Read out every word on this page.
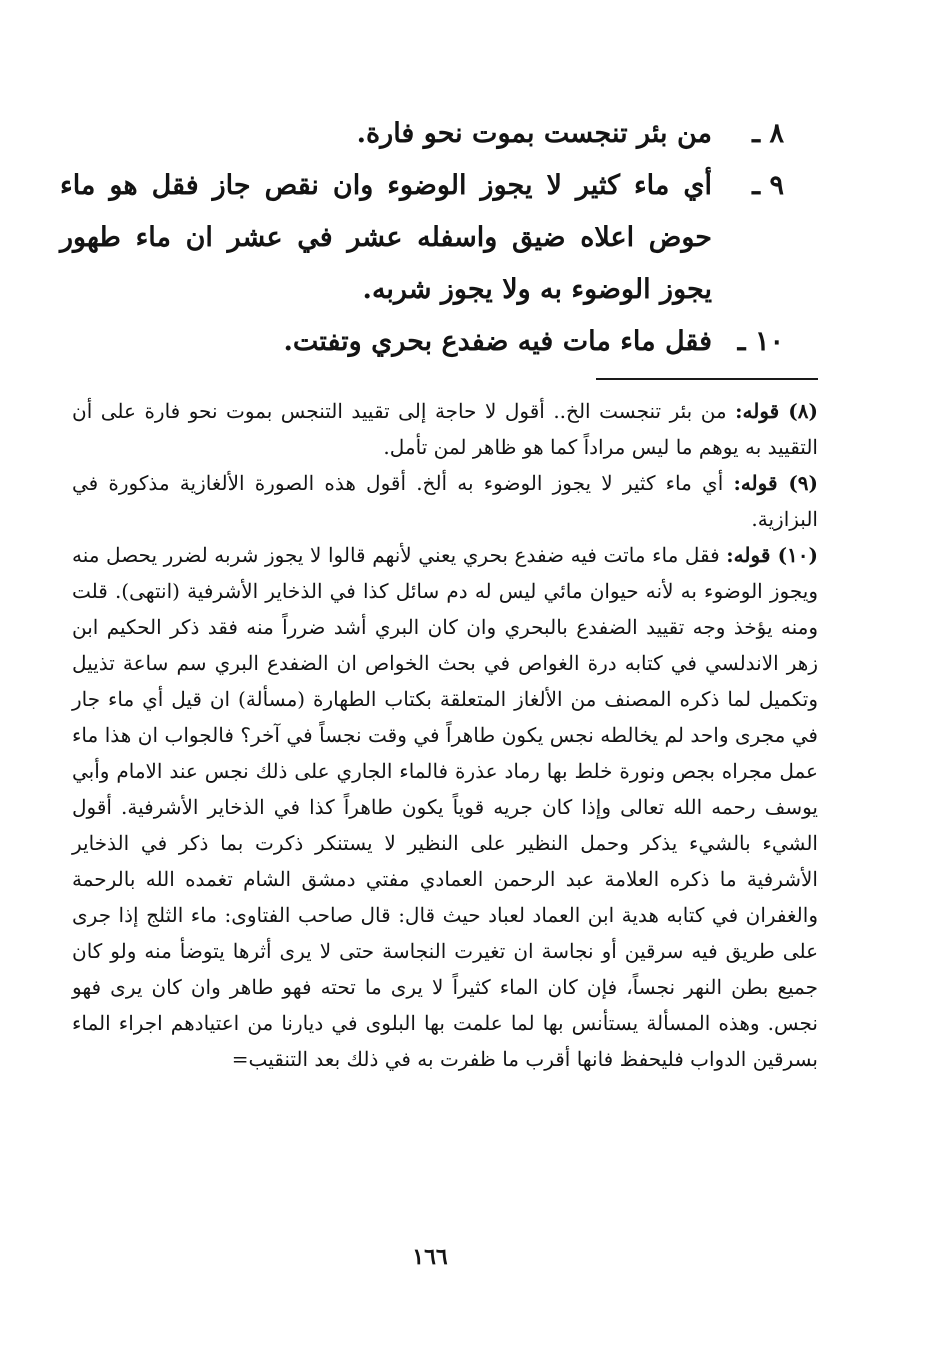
٨ ـ
من بئر تنجست بموت نحو فارة.
٩ ـ
أي ماء كثير لا يجوز الوضوء وان نقص جاز فقل هو ماء حوض اعلاه ضيق واسفله عشر في عشر ان ماء طهور يجوز الوضوء به ولا يجوز شربه.
١٠ ـ
فقل ماء مات فيه ضفدع بحري وتفتت.

(٨) قوله: من بئر تنجست الخ.. أقول لا حاجة إلى تقييد التنجس بموت نحو فارة على أن التقييد به يوهم ما ليس مراداً كما هو ظاهر لمن تأمل.

(٩) قوله: أي ماء كثير لا يجوز الوضوء به ألخ. أقول هذه الصورة الألغازية مذكورة في البزازية.

(١٠) قوله: فقل ماء ماتت فيه ضفدع بحري يعني لأنهم قالوا لا يجوز شربه لضرر يحصل منه ويجوز الوضوء به لأنه حيوان مائي ليس له دم سائل كذا في الذخاير الأشرفية (انتهى). قلت ومنه يؤخذ وجه تقييد الضفدع بالبحري وان كان البري أشد ضرراً منه فقد ذكر الحكيم ابن زهر الاندلسي في كتابه درة الغواص في بحث الخواص ان الضفدع البري سم ساعة تذييل وتكميل لما ذكره المصنف من الألغاز المتعلقة بكتاب الطهارة (مسألة) ان قيل أي ماء جار في مجرى واحد لم يخالطه نجس يكون طاهراً في وقت نجساً في آخر؟ فالجواب ان هذا ماء عمل مجراه بجص ونورة خلط بها رماد عذرة فالماء الجاري على ذلك نجس عند الامام وأبي يوسف رحمه الله تعالى وإذا كان جريه قوياً يكون طاهراً كذا في الذخاير الأشرفية. أقول الشيء بالشيء يذكر وحمل النظير على النظير لا يستنكر ذكرت بما ذكر في الذخاير الأشرفية ما ذكره العلامة عبد الرحمن العمادي مفتي دمشق الشام تغمده الله بالرحمة والغفران في كتابه هدية ابن العماد لعباد حيث قال: قال صاحب الفتاوى: ماء الثلج إذا جرى على طريق فيه سرقين أو نجاسة ان تغيرت النجاسة حتى لا يرى أثرها يتوضأ منه ولو كان جميع بطن النهر نجساً، فإن كان الماء كثيراً لا يرى ما تحته فهو طاهر وان كان يرى فهو نجس. وهذه المسألة يستأنس بها لما علمت بها البلوى في ديارنا من اعتيادهم اجراء الماء بسرقين الدواب فليحفظ فانها أقرب ما ظفرت به في ذلك بعد التنقيب=

١٦٦
